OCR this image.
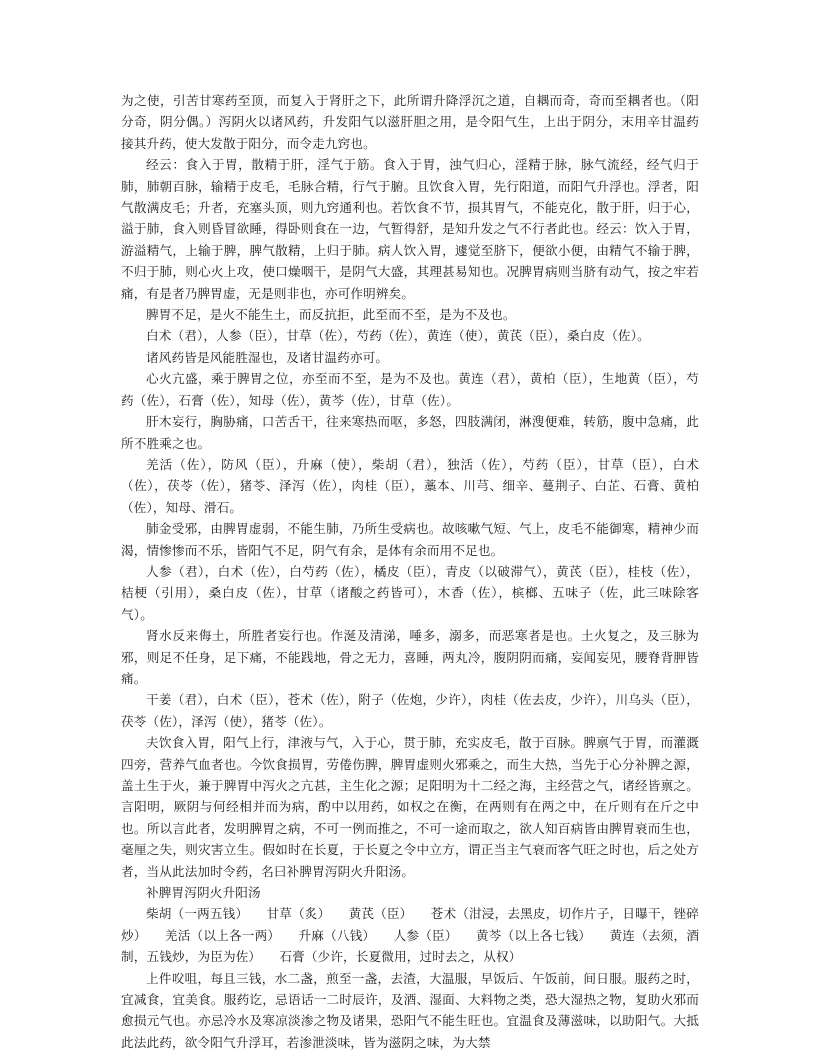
为之使，引苦甘寒药至顶，而复入于肾肝之下，此所谓升降浮沉之道，自耦而奇，奇而至耦者也。（阳分奇，阴分偶。）泻阴火以诸风药，升发阳气以滋肝胆之用，是令阳气生，上出于阴分，末用辛甘温药接其升药，使大发散于阳分，而令走九窍也。

经云：食入于胃，散精于肝，淫气于筋。食入于胃，浊气归心，淫精于脉，脉气流经，经气归于肺，肺朝百脉，输精于皮毛，毛脉合精，行气于腑。且饮食入胃，先行阳道，而阳气升浮也。浮者，阳气散满皮毛；升者，充塞头顶，则九窍通利也。若饮食不节，损其胃气，不能克化，散于肝，归于心，溢于肺，食入则昏冒欲睡，得卧则食在一边，气暂得舒，是知升发之气不行者此也。经云：饮入于胃，游溢精气，上输于脾，脾气散精，上归于肺。病人饮入胃，遽觉至脐下，便欲小便，由精气不输于脾，不归于肺，则心火上攻，使口燥咽干，是阴气大盛，其理甚易知也。况脾胃病则当脐有动气，按之牢若痛，有是者乃脾胃虚，无是则非也，亦可作明辨矣。

脾胃不足，是火不能生土，而反抗拒，此至而不至，是为不及也。

白术（君），人参（臣），甘草（佐），芍药（佐），黄连（使），黄芪（臣），桑白皮（佐）。

诸风药皆是风能胜湿也，及诸甘温药亦可。

心火亢盛，乘于脾胃之位，亦至而不至，是为不及也。黄连（君），黄柏（臣），生地黄（臣），芍药（佐），石膏（佐），知母（佐），黄芩（佐），甘草（佐）。

肝木妄行，胸胁痛，口苦舌干，往来寒热而呕，多怒，四肢满闭，淋溲便难，转筋，腹中急痛，此所不胜乘之也。

羌活（佐），防风（臣），升麻（使），柴胡（君），独活（佐），芍药（臣），甘草（臣），白术（佐），茯苓（佐），猪苓、泽泻（佐），肉桂（臣），藁本、川芎、细辛、蔓荆子、白芷、石膏、黄柏（佐），知母、滑石。

肺金受邪，由脾胃虚弱，不能生肺，乃所生受病也。故咳嗽气短、气上，皮毛不能御寒，精神少而渴，情惨惨而不乐，皆阳气不足，阴气有余，是体有余而用不足也。

人参（君），白术（佐），白芍药（佐），橘皮（臣），青皮（以破滞气），黄芪（臣），桂枝（佐），桔梗（引用），桑白皮（佐），甘草（诸酸之药皆可），木香（佐），槟榔、五味子（佐，此三味除客气）。

肾水反来侮土，所胜者妄行也。作涎及清涕，唾多，溺多，而恶寒者是也。土火复之，及三脉为邪，则足不任身，足下痛，不能践地，骨之无力，喜睡，两丸冷，腹阴阴而痛，妄闻妄见，腰脊背胛皆痛。

干姜（君），白术（臣），苍术（佐），附子（佐炮，少许），肉桂（佐去皮，少许），川乌头（臣），茯苓（佐），泽泻（使），猪苓（佐）。

夫饮食入胃，阳气上行，津液与气，入于心，贯于肺，充实皮毛，散于百脉。脾禀气于胃，而灌溉四旁，营养气血者也。今饮食损胃，劳倦伤脾，脾胃虚则火邪乘之，而生大热，当先于心分补脾之源，盖土生于火，兼于脾胃中泻火之亢甚，主生化之源；足阳明为十二经之海，主经营之气，诸经皆禀之。言阳明，厥阴与何经相并而为病，酌中以用药，如权之在衡，在两则有在两之中，在斤则有在斤之中也。所以言此者，发明脾胃之病，不可一例而推之，不可一途而取之，欲人知百病皆由脾胃衰而生也，毫厘之失，则灾害立生。假如时在长夏，于长夏之令中立方，谓正当主气衰而客气旺之时也，后之处方者，当从此法加时令药，名曰补脾胃泻阴火升阳汤。

补脾胃泻阴火升阳汤

柴胡（一两五钱） 甘草（炙） 黄芪（臣） 苍术（泔浸，去黑皮，切作片子，日曝干，锉碎炒） 羌活（以上各一两） 升麻（八钱） 人参（臣） 黄芩（以上各七钱） 黄连（去须，酒制，五钱炒，为臣为佐） 石膏（少许，长夏微用，过时去之，从权）

上件㕮咀，每且三钱，水二盏，煎至一盏，去渣，大温服，早饭后、午饭前，间日服。服药之时，宜减食，宜美食。服药讫，忌语话一二时辰许，及酒、湿面、大料物之类，恐大湿热之物，复助火邪而愈损元气也。亦忌冷水及寒凉淡渗之物及诸果，恐阳气不能生旺也。宜温食及薄滋味，以助阳气。大抵此法此药，欲令阳气升浮耳，若渗泄淡味，皆为滋阴之味，为大禁
